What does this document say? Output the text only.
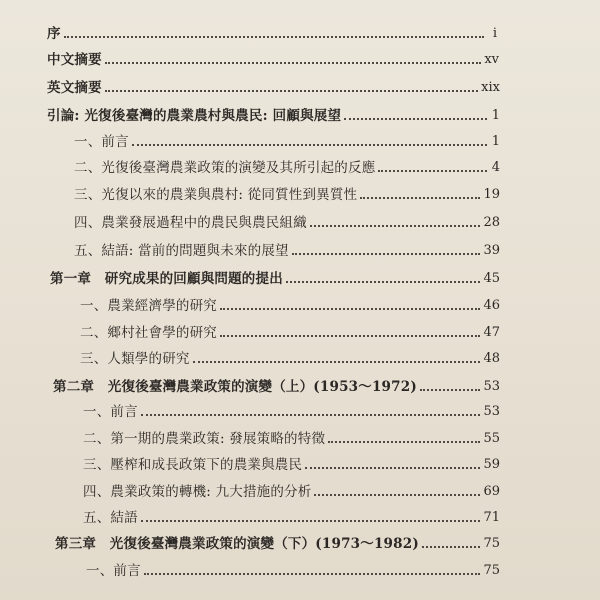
序	i
中文摘要	xv
英文摘要	xix
引論: 光復後臺灣的農業農村與農民: 回顧與展望	1
一、前言	1
二、光復後臺灣農業政策的演變及其所引起的反應	4
三、光復以來的農業與農村: 從同質性到異質性	19
四、農業發展過程中的農民與農民組織	28
五、結語: 當前的問題與未來的展望	39
第一章　研究成果的回顧與問題的提出	45
一、農業經濟學的研究	46
二、鄉村社會學的研究	47
三、人類學的研究	48
第二章　光復後臺灣農業政策的演變（上）(1953～1972)	53
一、前言	53
二、第一期的農業政策: 發展策略的特徵	55
三、壓榨和成長政策下的農業與農民	59
四、農業政策的轉機: 九大措施的分析	69
五、結語	71
第三章　光復後臺灣農業政策的演變（下）(1973～1982)	75
一、前言	75
